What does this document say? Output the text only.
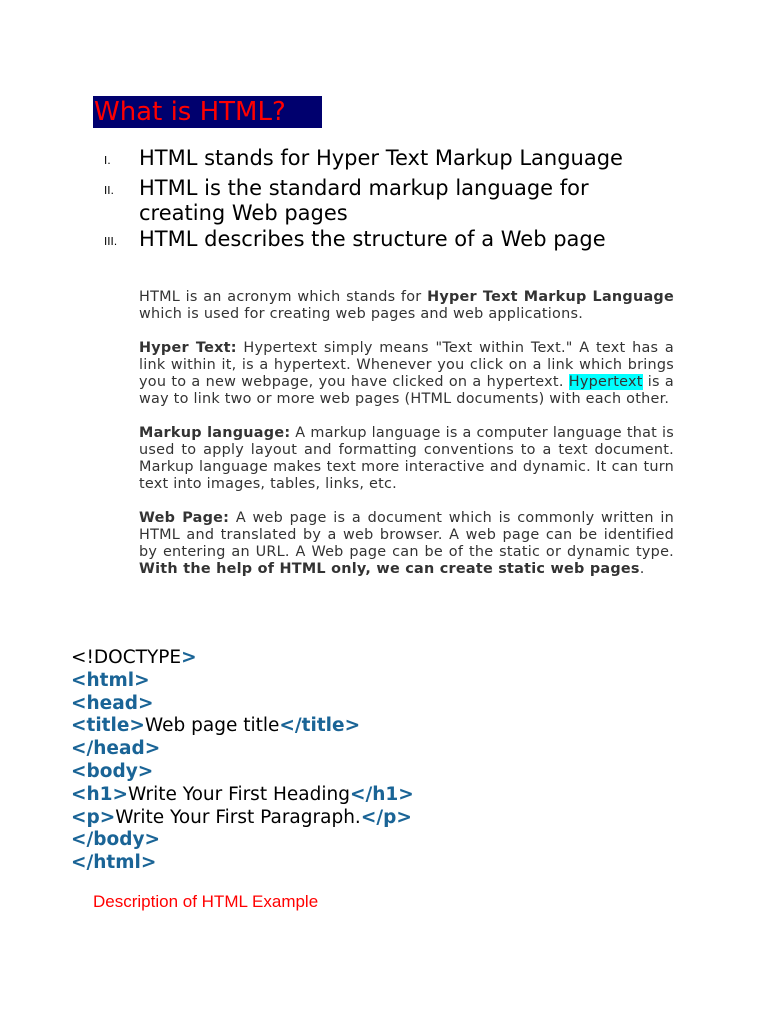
What is HTML?
I.	HTML stands for Hyper Text Markup Language
II.	HTML is the standard markup language for creating Web pages
III.	HTML describes the structure of a Web page

HTML is an acronym which stands for Hyper Text Markup Language which is used for creating web pages and web applications.

Hyper Text: Hypertext simply means "Text within Text." A text has a link within it, is a hypertext. Whenever you click on a link which brings you to a new webpage, you have clicked on a hypertext. Hypertext is a way to link two or more web pages (HTML documents) with each other.

Markup language: A markup language is a computer language that is used to apply layout and formatting conventions to a text document. Markup language makes text more interactive and dynamic. It can turn text into images, tables, links, etc.

Web Page: A web page is a document which is commonly written in HTML and translated by a web browser. A web page can be identified by entering an URL. A Web page can be of the static or dynamic type. With the help of HTML only, we can create static web pages.

<!DOCTYPE>
<html>
<head>
<title>Web page title</title>
</head>
<body>
<h1>Write Your First Heading</h1>
<p>Write Your First Paragraph.</p>
</body>
</html>
Description of HTML Example
